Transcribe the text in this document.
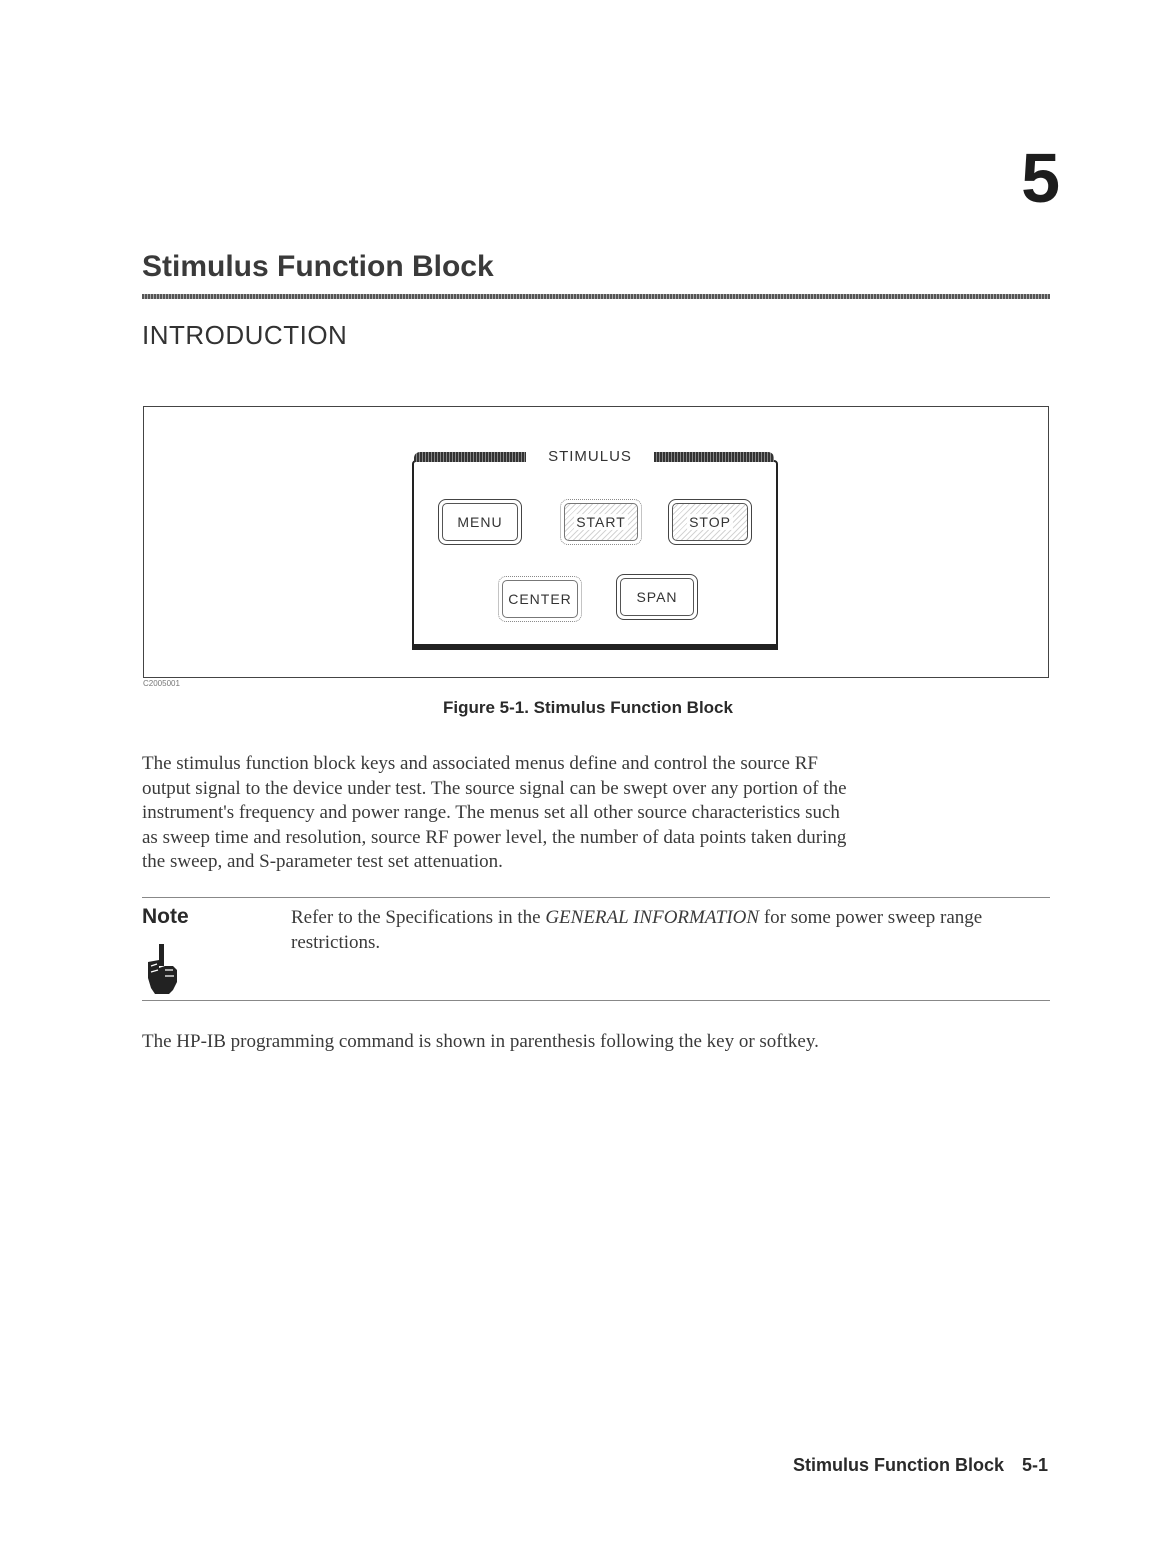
5
Stimulus Function Block
INTRODUCTION
STIMULUS
MENU	START	STOP
CENTER	SPAN
C2005001
Figure 5-1. Stimulus Function Block
The stimulus function block keys and associated menus define and control the source RF
output signal to the device under test. The source signal can be swept over any portion of the
instrument's frequency and power range. The menus set all other source characteristics such
as sweep time and resolution, source RF power level, the number of data points taken during
the sweep, and S-parameter test set attenuation.
Note	Refer to the Specifications in the GENERAL INFORMATION for some power sweep range restrictions.
The HP-IB programming command is shown in parenthesis following the key or softkey.
Stimulus Function Block 5-1
